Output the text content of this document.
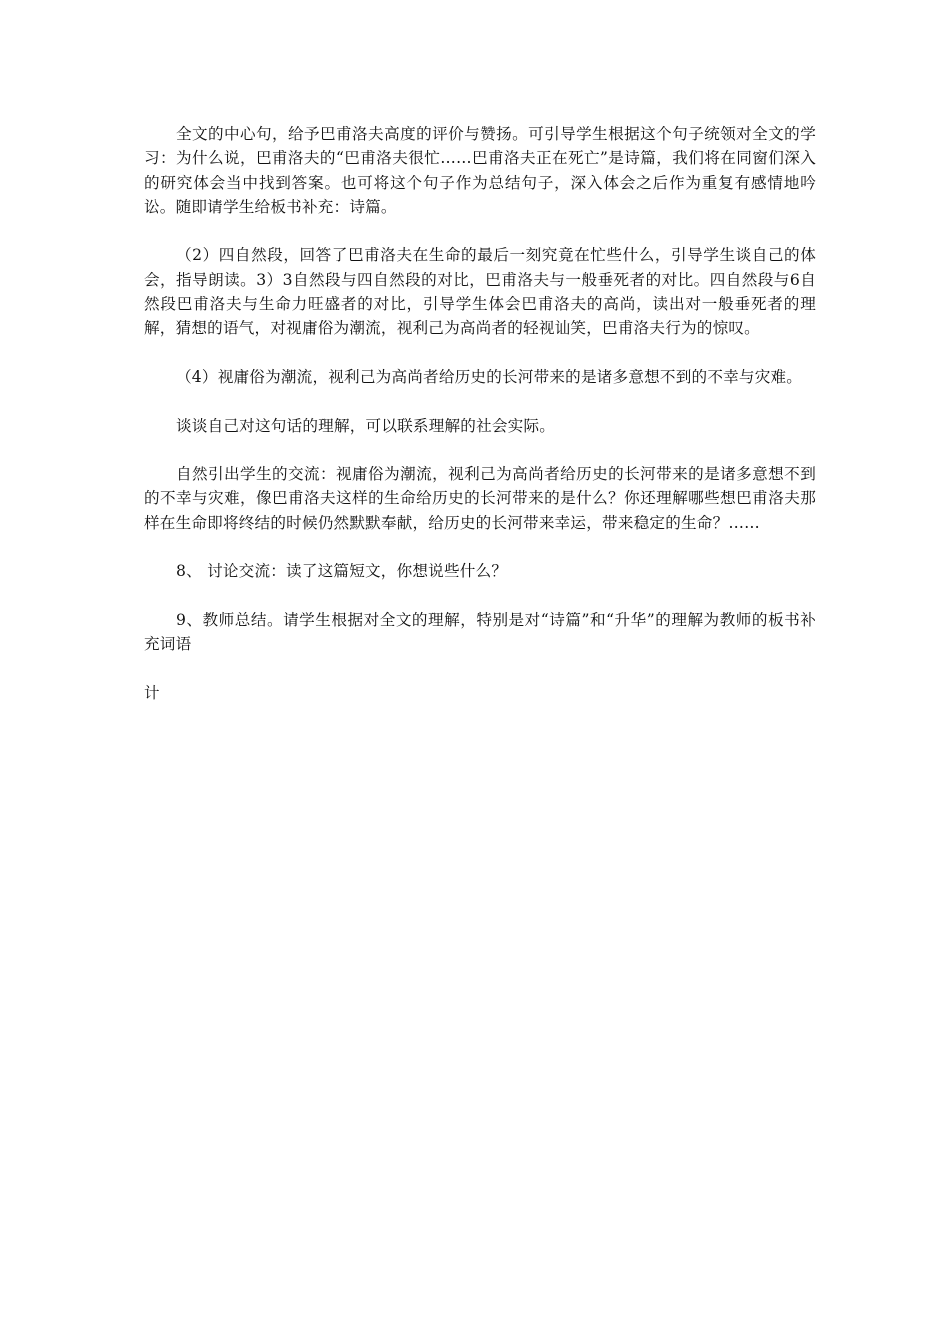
全文的中心句，给予巴甫洛夫高度的评价与赞扬。可引导学生根据这个句子统领对全文的学习：为什么说，巴甫洛夫的“巴甫洛夫很忙……巴甫洛夫正在死亡”是诗篇，我们将在同窗们深入的研究体会当中找到答案。也可将这个句子作为总结句子，深入体会之后作为重复有感情地吟讼。随即请学生给板书补充：诗篇。

（2）四自然段，回答了巴甫洛夫在生命的最后一刻究竟在忙些什么，引导学生谈自己的体会，指导朗读。3）3自然段与四自然段的对比，巴甫洛夫与一般垂死者的对比。四自然段与6自然段巴甫洛夫与生命力旺盛者的对比，引导学生体会巴甫洛夫的高尚，读出对一般垂死者的理解，猜想的语气，对视庸俗为潮流，视利己为高尚者的轻视讪笑，巴甫洛夫行为的惊叹。

（4）视庸俗为潮流，视利己为高尚者给历史的长河带来的是诸多意想不到的不幸与灾难。

谈谈自己对这句话的理解，可以联系理解的社会实际。

自然引出学生的交流：视庸俗为潮流，视利己为高尚者给历史的长河带来的是诸多意想不到的不幸与灾难，像巴甫洛夫这样的生命给历史的长河带来的是什么？你还理解哪些想巴甫洛夫那样在生命即将终结的时候仍然默默奉献，给历史的长河带来幸运，带来稳定的生命？……

8、 讨论交流：读了这篇短文，你想说些什么？

9、教师总结。请学生根据对全文的理解，特别是对“诗篇”和“升华”的理解为教师的板书补充词语

计
